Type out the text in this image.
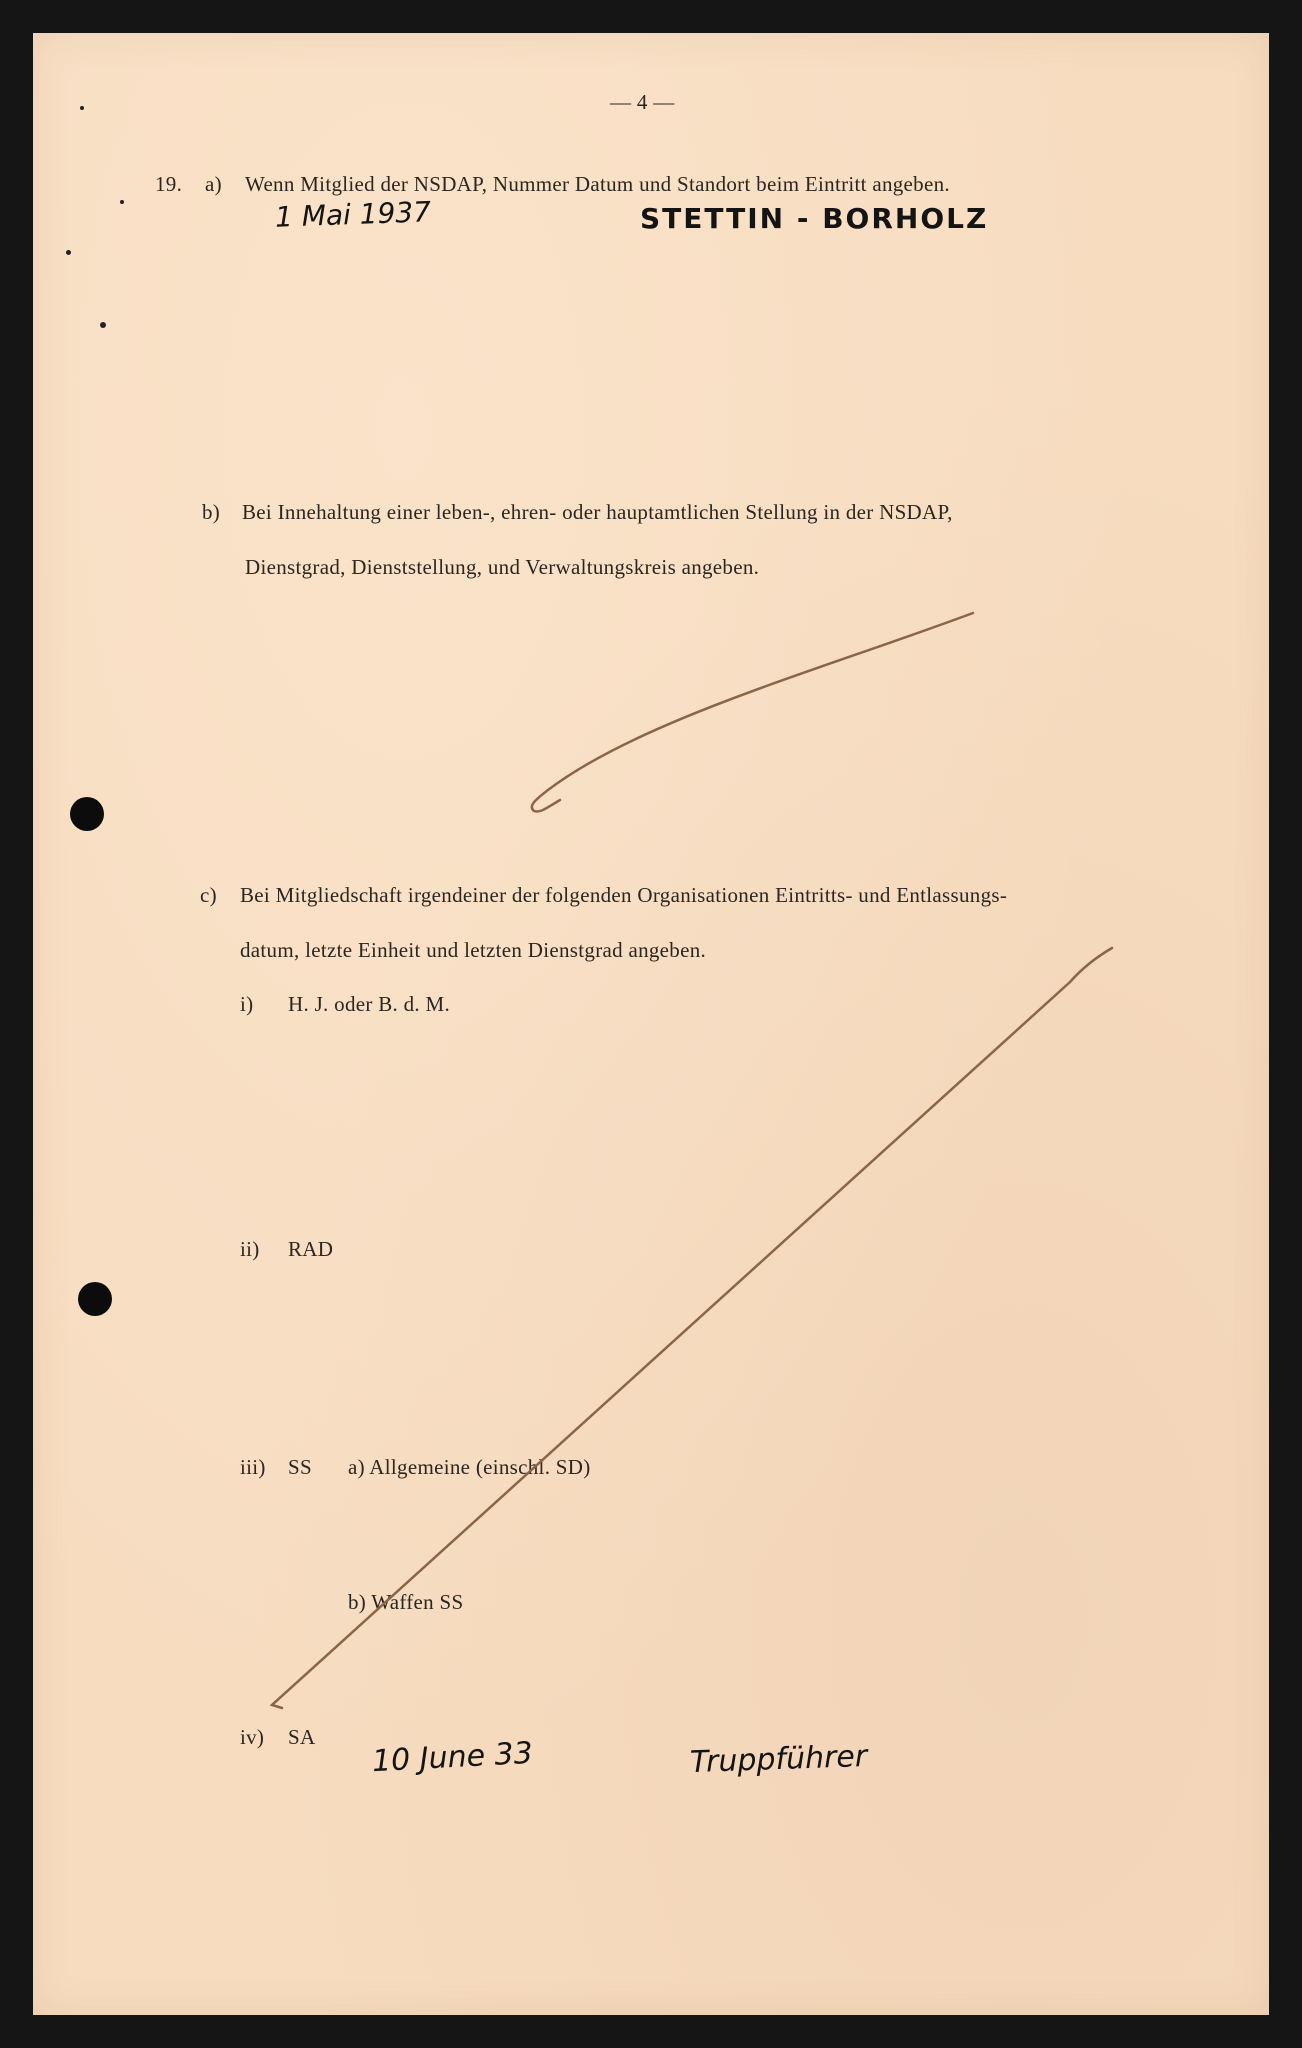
— 4 —
19. a) Wenn Mitglied der NSDAP, Nummer Datum und Standort beim Eintritt angeben.
1 Mai 1937	STETTIN - BORHOLZ
b) Bei Innehaltung einer leben-, ehren- oder hauptamtlichen Stellung in der NSDAP,
Dienstgrad, Dienststellung, und Verwaltungskreis angeben.
c) Bei Mitgliedschaft irgendeiner der folgenden Organisationen Eintritts- und Entlassungs-
datum, letzte Einheit und letzten Dienstgrad angeben.
i) H. J. oder B. d. M.
ii) RAD
iii) SS a) Allgemeine (einschl. SD)
b) Waffen SS
iv) SA 10 June 33	Truppführer
